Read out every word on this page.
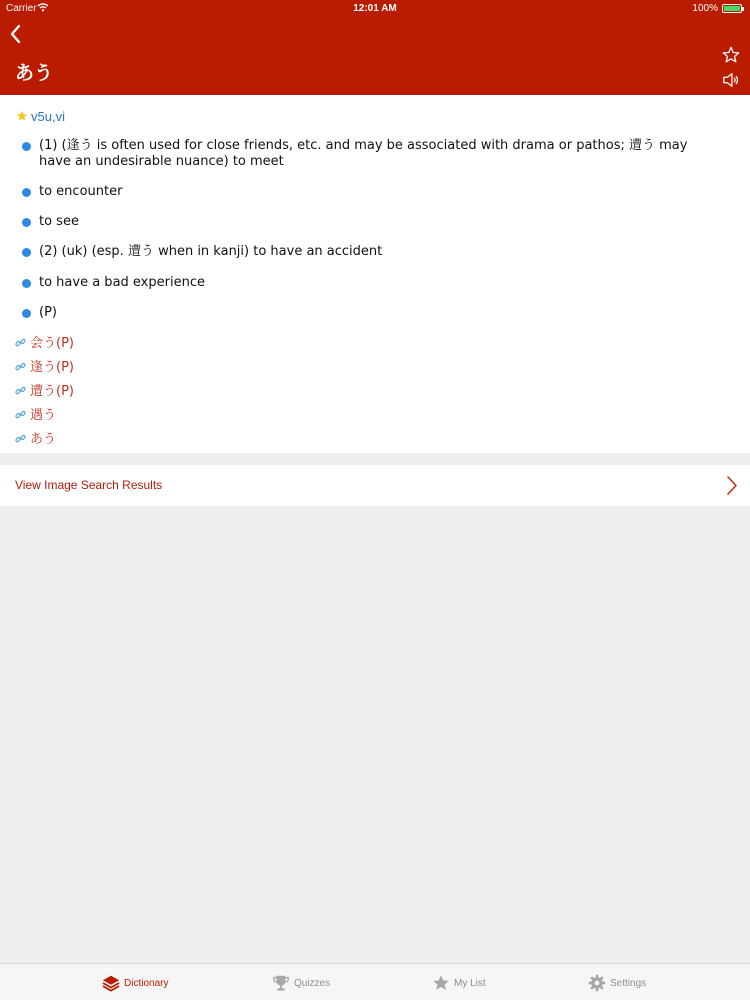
Carrier	12:01 AM	100%
あう
v5u,vi
(1) (逢う is often used for close friends, etc. and may be associated with drama or pathos; 遭う may have an undesirable nuance) to meet
to encounter
to see
(2) (uk) (esp. 遭う when in kanji) to have an accident
to have a bad experience
(P)
会う(P)
逢う(P)
遭う(P)
遇う
あう
View Image Search Results
Dictionary	Quizzes	My List	Settings
